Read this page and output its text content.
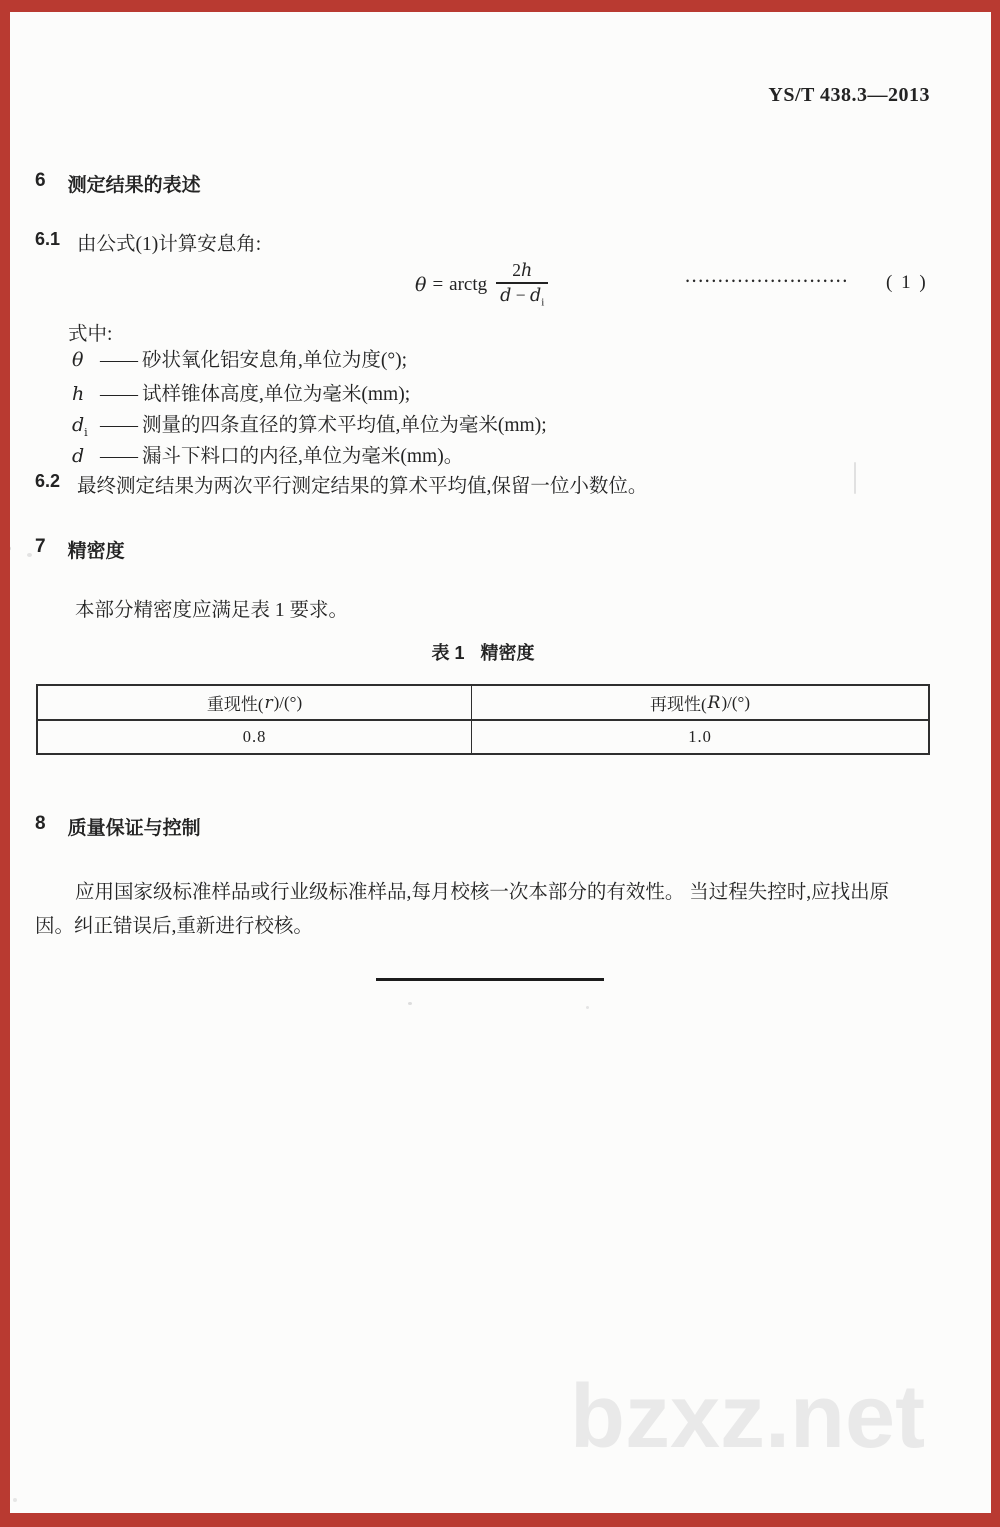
YS/T 438.3—2013
6 测定结果的表述
6.1 由公式(1)计算安息角:
θ = arctg $\frac{2h}{d - d_i}$	••••••••••••••••••••••••• ( 1 )
式中:
θ —— 砂状氧化铝安息角,单位为度(°);
h —— 试样锥体高度,单位为毫米(mm);
$d_i$ —— 测量的四条直径的算术平均值,单位为毫米(mm);
d —— 漏斗下料口的内径,单位为毫米(mm)。
6.2 最终测定结果为两次平行测定结果的算术平均值,保留一位小数位。
7 精密度
本部分精密度应满足表 1 要求。
表 1 精密度
重现性( r )/(°)	再现性( R )/(°)
0.8	1.0
8 质量保证与控制
应用国家级标准样品或行业级标准样品,每月校核一次本部分的有效性。 当过程失控时,应找出原
因。纠正错误后,重新进行校核。
bzxz.net
